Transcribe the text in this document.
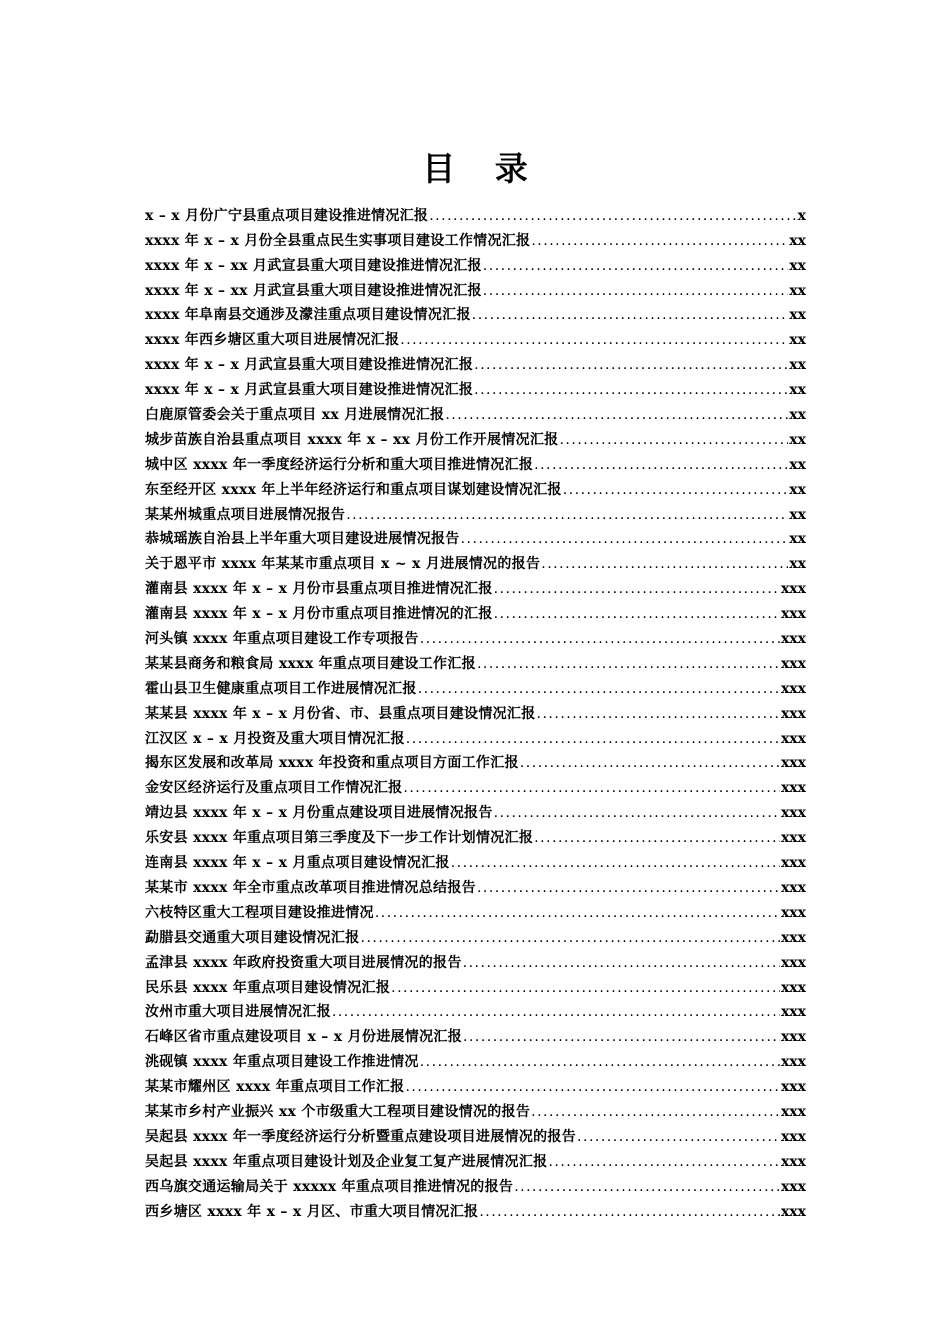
目 录
x – x 月份广宁县重点项目建设推进情况汇报 .....	x
xxxx 年 x – x 月份全县重点民生实事项目建设工作情况汇报 .....	xx
xxxx 年 x – xx 月武宣县重大项目建设推进情况汇报 .....	xx
xxxx 年 x – xx 月武宣县重大项目建设推进情况汇报 .....	xx
xxxx 年阜南县交通涉及濛洼重点项目建设情况汇报 .....	xx
xxxx 年西乡塘区重大项目进展情况汇报 .....	xx
xxxx 年 x – x 月武宣县重大项目建设推进情况汇报 .....	xx
xxxx 年 x – x 月武宣县重大项目建设推进情况汇报 .....	xx
白鹿原管委会关于重点项目 xx 月进展情况汇报 .....	xx
城步苗族自治县重点项目 xxxx 年 x – xx 月份工作开展情况汇报 .....	xx
城中区 xxxx 年一季度经济运行分析和重大项目推进情况汇报 .....	xx
东至经开区 xxxx 年上半年经济运行和重点项目谋划建设情况汇报 .....	xx
某某州城重点项目进展情况报告 .....	xx
恭城瑶族自治县上半年重大项目建设进展情况报告 .....	xx
关于恩平市 xxxx 年某某市重点项目 x ~ x 月进展情况的报告 .....	xx
灌南县 xxxx 年 x – x 月份市县重点项目推进情况汇报 .....	xxx
灌南县 xxxx 年 x – x 月份市重点项目推进情况的汇报 .....	xxx
河头镇 xxxx 年重点项目建设工作专项报告 .....	xxx
某某县商务和粮食局 xxxx 年重点项目建设工作汇报 .....	xxx
霍山县卫生健康重点项目工作进展情况汇报 .....	xxx
某某县 xxxx 年 x – x 月份省、市、县重点项目建设情况汇报 .....	xxx
江汉区 x – x 月投资及重大项目情况汇报 .....	xxx
揭东区发展和改革局 xxxx 年投资和重点项目方面工作汇报 .....	xxx
金安区经济运行及重点项目工作情况汇报 .....	xxx
靖边县 xxxx 年 x – x 月份重点建设项目进展情况报告 .....	xxx
乐安县 xxxx 年重点项目第三季度及下一步工作计划情况汇报 .....	xxx
连南县 xxxx 年 x – x 月重点项目建设情况汇报 .....	xxx
某某市 xxxx 年全市重点改革项目推进情况总结报告 .....	xxx
六枝特区重大工程项目建设推进情况 .....	xxx
勐腊县交通重大项目建设情况汇报 .....	xxx
孟津县 xxxx 年政府投资重大项目进展情况的报告 .....	xxx
民乐县 xxxx 年重点项目建设情况汇报 .....	xxx
汝州市重大项目进展情况汇报 .....	xxx
石峰区省市重点建设项目 x – x 月份进展情况汇报 .....	xxx
洮砚镇 xxxx 年重点项目建设工作推进情况 .....	xxx
某某市耀州区 xxxx 年重点项目工作汇报 .....	xxx
某某市乡村产业振兴 xx 个市级重大工程项目建设情况的报告 .....	xxx
吴起县 xxxx 年一季度经济运行分析暨重点建设项目进展情况的报告 .....	xxx
吴起县 xxxx 年重点项目建设计划及企业复工复产进展情况汇报 .....	xxx
西乌旗交通运输局关于 xxxxx 年重点项目推进情况的报告 .....	xxx
西乡塘区 xxxx 年 x – x 月区、市重大项目情况汇报 .....	xxx
